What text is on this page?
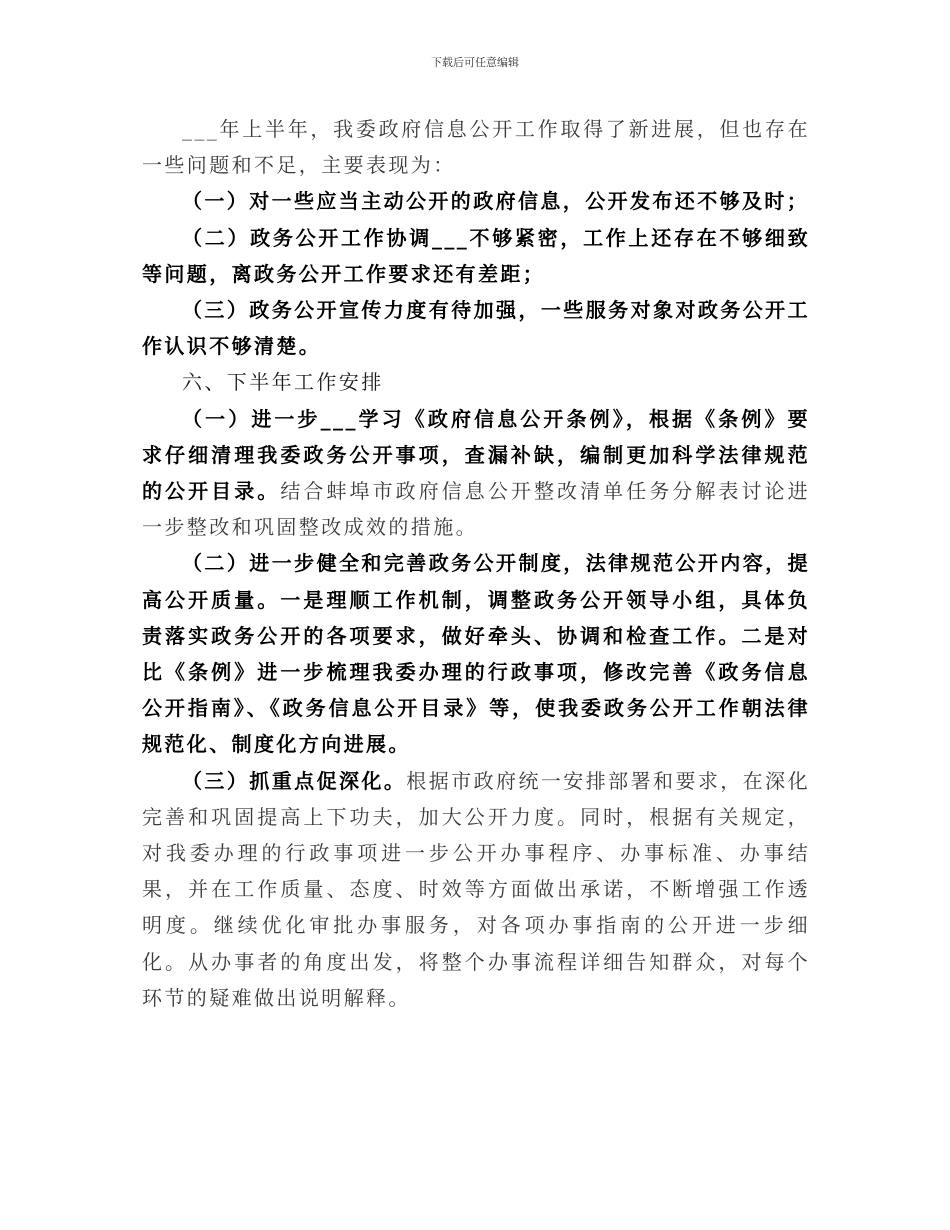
下载后可任意编辑

___年上半年，我委政府信息公开工作取得了新进展，但也存在一些问题和不足，主要表现为：

（一）对一些应当主动公开的政府信息，公开发布还不够及时；

（二）政务公开工作协调___不够紧密，工作上还存在不够细致等问题，离政务公开工作要求还有差距；

（三）政务公开宣传力度有待加强，一些服务对象对政务公开工作认识不够清楚。

六、下半年工作安排

（一）进一步___学习《政府信息公开条例》，根据《条例》要求仔细清理我委政务公开事项，查漏补缺，编制更加科学法律规范的公开目录。结合蚌埠市政府信息公开整改清单任务分解表讨论进一步整改和巩固整改成效的措施。

（二）进一步健全和完善政务公开制度，法律规范公开内容，提高公开质量。一是理顺工作机制，调整政务公开领导小组，具体负责落实政务公开的各项要求，做好牵头、协调和检查工作。二是对比《条例》进一步梳理我委办理的行政事项，修改完善《政务信息公开指南》、《政务信息公开目录》等，使我委政务公开工作朝法律规范化、制度化方向进展。

（三）抓重点促深化。根据市政府统一安排部署和要求，在深化完善和巩固提高上下功夫，加大公开力度。同时，根据有关规定，对我委办理的行政事项进一步公开办事程序、办事标准、办事结果，并在工作质量、态度、时效等方面做出承诺，不断增强工作透明度。继续优化审批办事服务，对各项办事指南的公开进一步细化。从办事者的角度出发，将整个办事流程详细告知群众，对每个环节的疑难做出说明解释。
